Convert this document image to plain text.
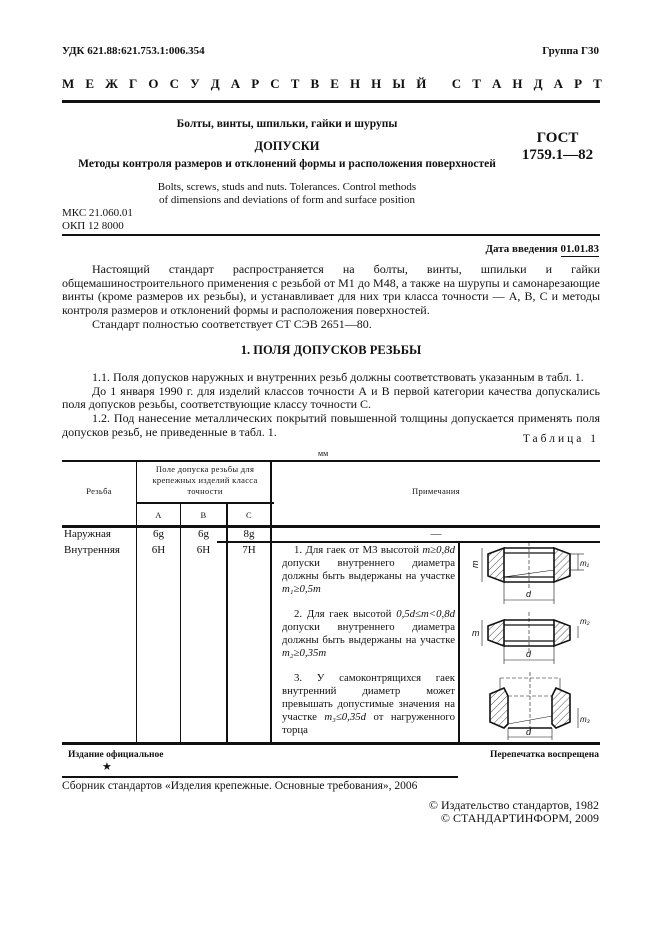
УДК 621.88:621.753.1:006.354	Группа Г30
М Е Ж Г О С У Д А Р С Т В Е Н Н Ы Й
С Т А Н Д А Р Т
Болты, винты, шпильки, гайки и шурупы
ДОПУСКИ
Методы контроля размеров и отклонений формы и расположения поверхностей
ГОСТ
1759.1—82
Bolts, screws, studs and nuts. Tolerances. Control methods
of dimensions and deviations of form and surface position
МКС 21.060.01
ОКП 12 8000
Дата введения 01.01.83

Настоящий стандарт распространяется на болты, винты, шпильки и гайки общемашиностроительного применения с резьбой от М1 до М48, а также на шурупы и самонарезающие винты (кроме размеров их резьбы), и устанавливает для них три класса точности — А, В, С и методы контроля размеров и отклонений формы и расположения поверхностей.

Стандарт полностью соответствует СТ СЭВ 2651—80.

1. ПОЛЯ ДОПУСКОВ РЕЗЬБЫ

1.1. Поля допусков наружных и внутренних резьб должны соответствовать указанным в табл. 1.

До 1 января 1990 г. для изделий классов точности А и В первой категории качества допускались поля допусков резьбы, соответствующие классу точности С.

1.2. Под нанесение металлических покрытий повышенной толщины допускается применять поля допусков резьб, не приведенные в табл. 1.

Таблица 1
мм
Резьба
Поле допуска резьбы для крепежных изделий класса точности
А	В	С
Примечания
Наружная	6g	6g	8g	—
Внутренняя	6H	6H	7H	1. Для гаек от М3 высотой m≥0,8d допуски внутреннего диаметра должны быть выдержаны на участке m₁≥0,5m

2. Для гаек высотой 0,5d≤m<0,8d допуски внутреннего диаметра должны быть выдержаны на участке m₂≥0,35m

3. У самоконтрящихся гаек внутренний диаметр может превышать допустимые значения на участке m₃≤0,35d от нагруженного торца

m	m₁
d
m
m₂
d
m₃
d
Издание официальное
★
Перепечатка воспрещена
Сборник стандартов «Изделия крепежные. Основные требования», 2006
© Издательство стандартов, 1982
© СТАНДАРТИНФОРМ, 2009
